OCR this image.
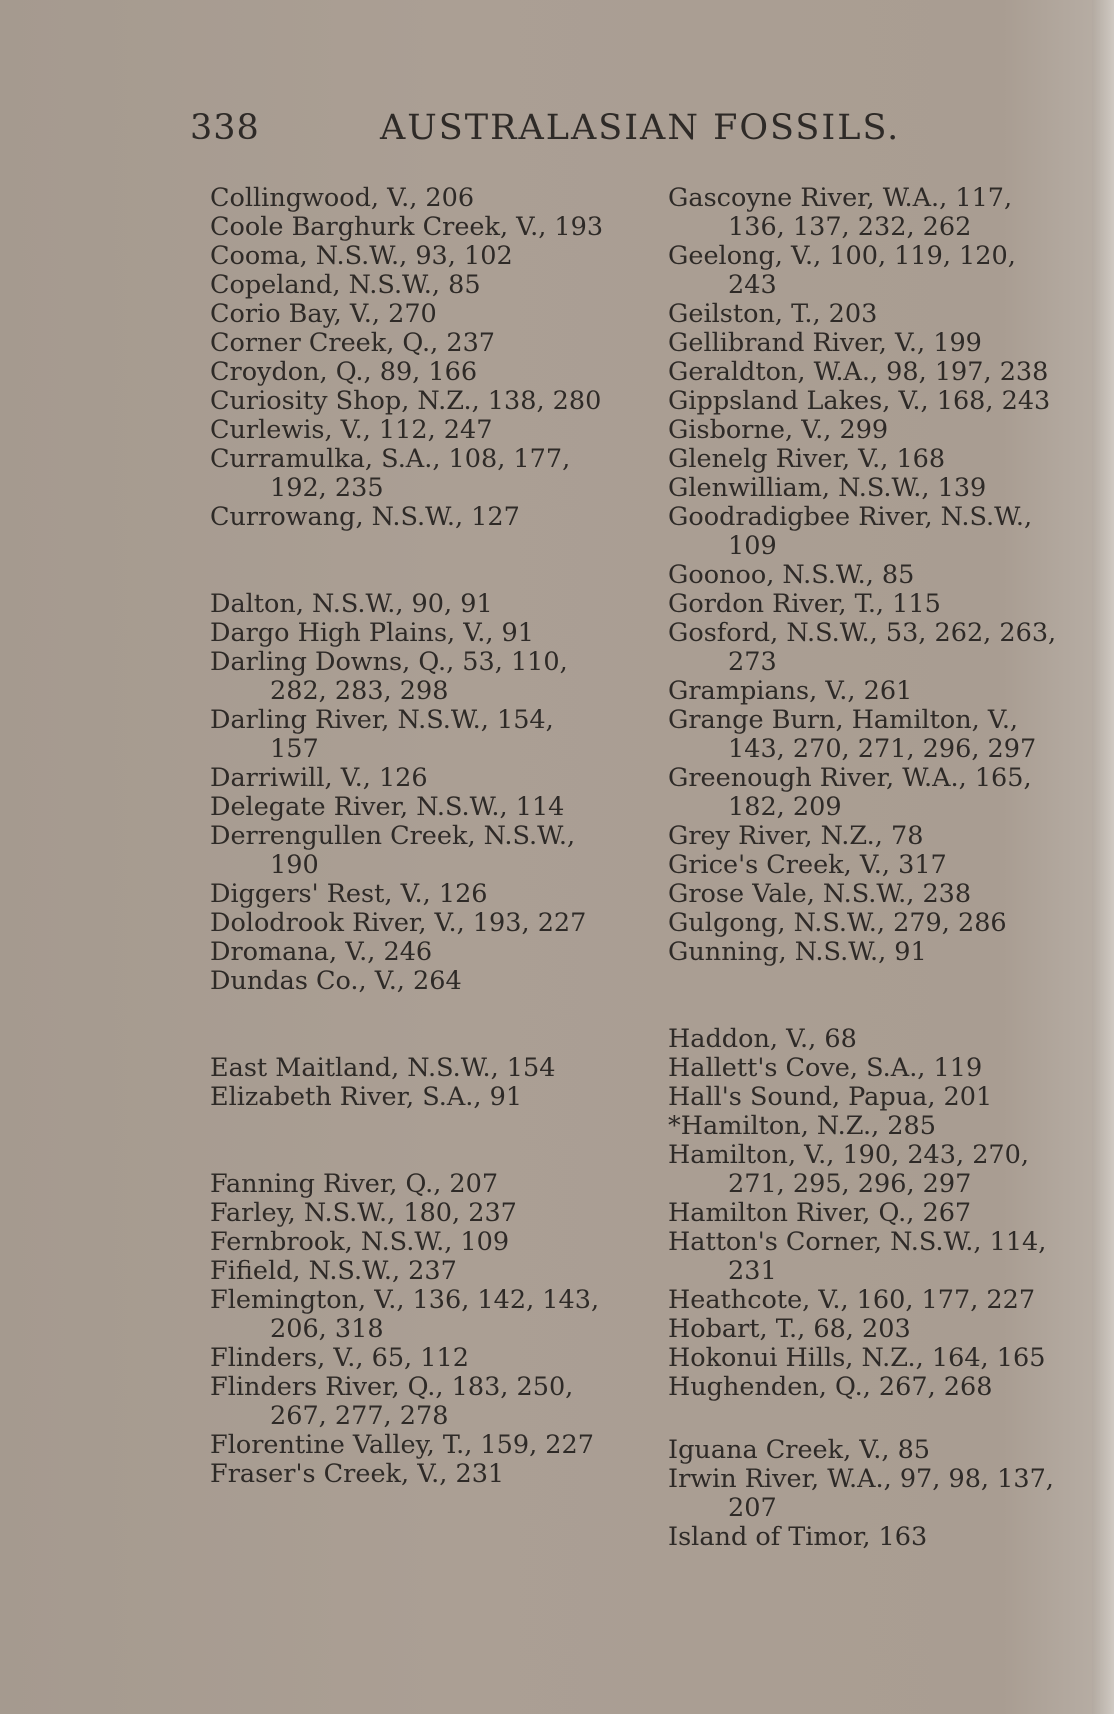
338	AUSTRALASIAN FOSSILS.
Collingwood, V., 206
Coole Barghurk Creek, V., 193
Cooma, N.S.W., 93, 102
Copeland, N.S.W., 85
Corio Bay, V., 270
Corner Creek, Q., 237
Croydon, Q., 89, 166
Curiosity Shop, N.Z., 138, 280
Curlewis, V., 112, 247
Curramulka, S.A., 108, 177, 192, 235
Currowang, N.S.W., 127
Dalton, N.S.W., 90, 91
Dargo High Plains, V., 91
Darling Downs, Q., 53, 110, 282, 283, 298
Darling River, N.S.W., 154, 157
Darriwill, V., 126
Delegate River, N.S.W., 114
Derrengullen Creek, N.S.W., 190
Diggers' Rest, V., 126
Dolodrook River, V., 193, 227
Dromana, V., 246
Dundas Co., V., 264
East Maitland, N.S.W., 154
Elizabeth River, S.A., 91
Fanning River, Q., 207
Farley, N.S.W., 180, 237
Fernbrook, N.S.W., 109
Fifield, N.S.W., 237
Flemington, V., 136, 142, 143, 206, 318
Flinders, V., 65, 112
Flinders River, Q., 183, 250, 267, 277, 278
Florentine Valley, T., 159, 227
Fraser's Creek, V., 231
Gascoyne River, W.A., 117, 136, 137, 232, 262
Geelong, V., 100, 119, 120, 243
Geilston, T., 203
Gellibrand River, V., 199
Geraldton, W.A., 98, 197, 238
Gippsland Lakes, V., 168, 243
Gisborne, V., 299
Glenelg River, V., 168
Glenwilliam, N.S.W., 139
Goodradigbee River, N.S.W., 109
Goonoo, N.S.W., 85
Gordon River, T., 115
Gosford, N.S.W., 53, 262, 263, 273
Grampians, V., 261
Grange Burn, Hamilton, V., 143, 270, 271, 296, 297
Greenough River, W.A., 165, 182, 209
Grey River, N.Z., 78
Grice's Creek, V., 317
Grose Vale, N.S.W., 238
Gulgong, N.S.W., 279, 286
Gunning, N.S.W., 91
Haddon, V., 68
Hallett's Cove, S.A., 119
Hall's Sound, Papua, 201
*Hamilton, N.Z., 285
Hamilton, V., 190, 243, 270, 271, 295, 296, 297
Hamilton River, Q., 267
Hatton's Corner, N.S.W., 114, 231
Heathcote, V., 160, 177, 227
Hobart, T., 68, 203
Hokonui Hills, N.Z., 164, 165
Hughenden, Q., 267, 268
Iguana Creek, V., 85
Irwin River, W.A., 97, 98, 137, 207
Island of Timor, 163
